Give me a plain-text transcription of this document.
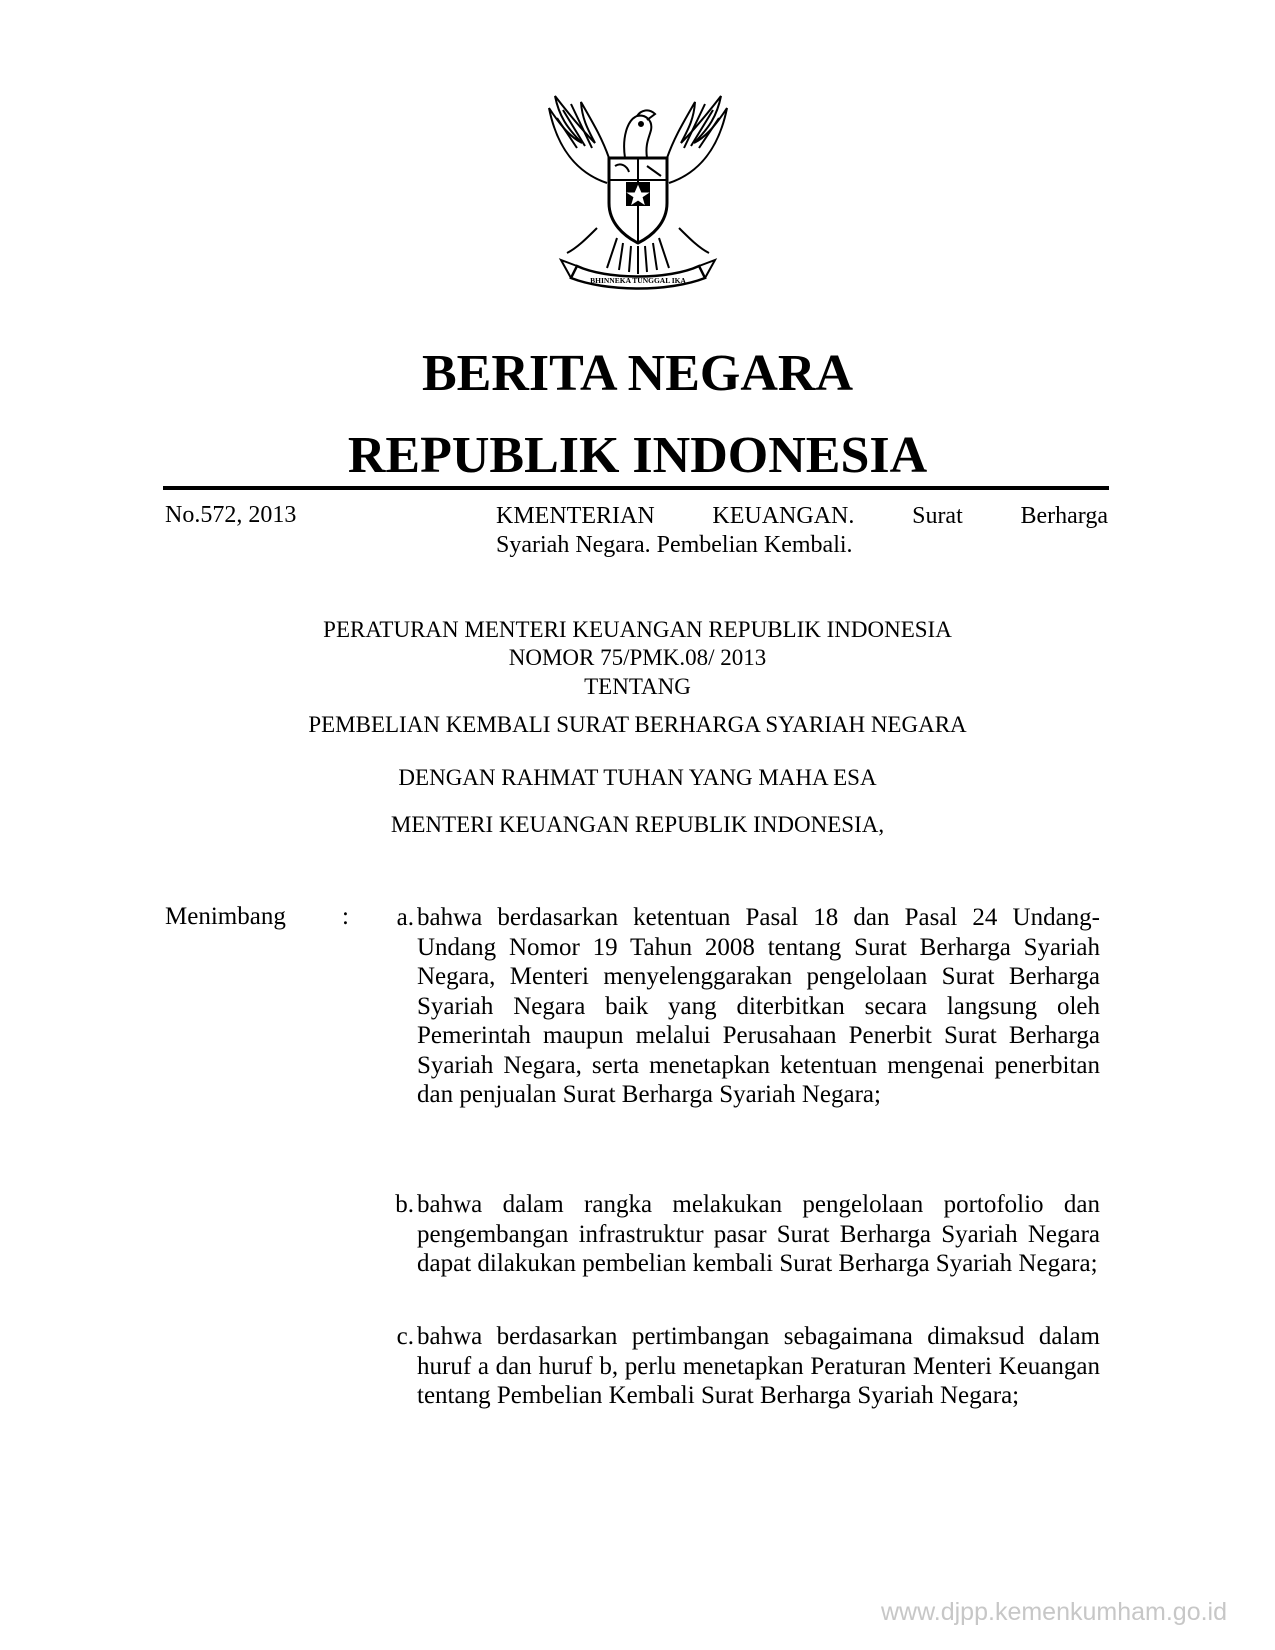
BHINNEKA TUNGGAL IKA
BERITA NEGARA
REPUBLIK INDONESIA
No.572, 2013	KMENTERIAN KEUANGAN. Surat Berharga
Syariah Negara. Pembelian Kembali.
PERATURAN MENTERI KEUANGAN REPUBLIK INDONESIA
NOMOR 75/PMK.08/ 2013
TENTANG
PEMBELIAN KEMBALI SURAT BERHARGA SYARIAH NEGARA
DENGAN RAHMAT TUHAN YANG MAHA ESA
MENTERI KEUANGAN REPUBLIK INDONESIA,
Menimbang :	a. bahwa berdasarkan ketentuan Pasal 18 dan Pasal 24 Undang-Undang Nomor 19 Tahun 2008 tentang Surat Berharga Syariah Negara, Menteri menyelenggarakan pengelolaan Surat Berharga Syariah Negara baik yang diterbitkan secara langsung oleh Pemerintah maupun melalui Perusahaan Penerbit Surat Berharga Syariah Negara, serta menetapkan ketentuan mengenai penerbitan dan penjualan Surat Berharga Syariah Negara;
b. bahwa dalam rangka melakukan pengelolaan portofolio dan pengembangan infrastruktur pasar Surat Berharga Syariah Negara dapat dilakukan pembelian kembali Surat Berharga Syariah Negara;
c. bahwa berdasarkan pertimbangan sebagaimana dimaksud dalam huruf a dan huruf b, perlu menetapkan Peraturan Menteri Keuangan tentang Pembelian Kembali Surat Berharga Syariah Negara;
www.djpp.kemenkumham.go.id
